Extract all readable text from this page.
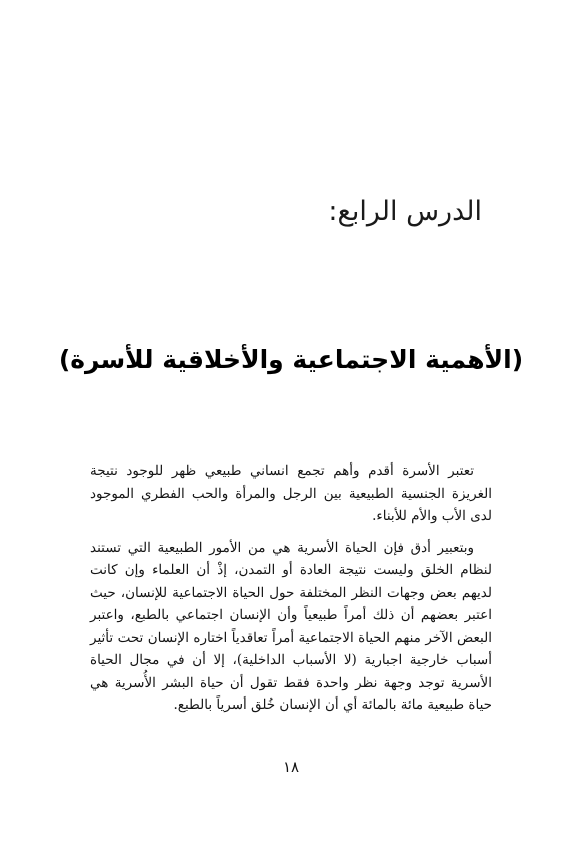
الدرس الرابع:
(الأهمية الاجتماعية والأخلاقية للأسرة)

تعتبر الأسرة أقدم وأهم تجمع انساني طبيعي ظهر للوجود نتيجة الغريزة الجنسية الطبيعية بين الرجل والمرأة والحب الفطري الموجود لدى الأب والأم للأبناء.

وبتعبير أدق فإن الحياة الأسرية هي من الأمور الطبيعية التي تستند لنظام الخلق وليست نتيجة العادة أو التمدن، إذْ أن العلماء وإن كانت لديهم بعض وجهات النظر المختلفة حول الحياة الاجتماعية للإنسان، حيث اعتبر بعضهم أن ذلك أمراً طبيعياً وأن الإنسان اجتماعي بالطبع، واعتبر البعض الآخر منهم الحياة الاجتماعية أمراً تعاقدياً اختاره الإنسان تحت تأثير أسباب خارجية اجبارية (لا الأسباب الداخلية)، إلا أن في مجال الحياة الأسرية توجد وجهة نظر واحدة فقط تقول أن حياة البشر الأُسرية هي حياة طبيعية مائة بالمائة أي أن الإنسان خُلق أسرياً بالطبع.

١٨
